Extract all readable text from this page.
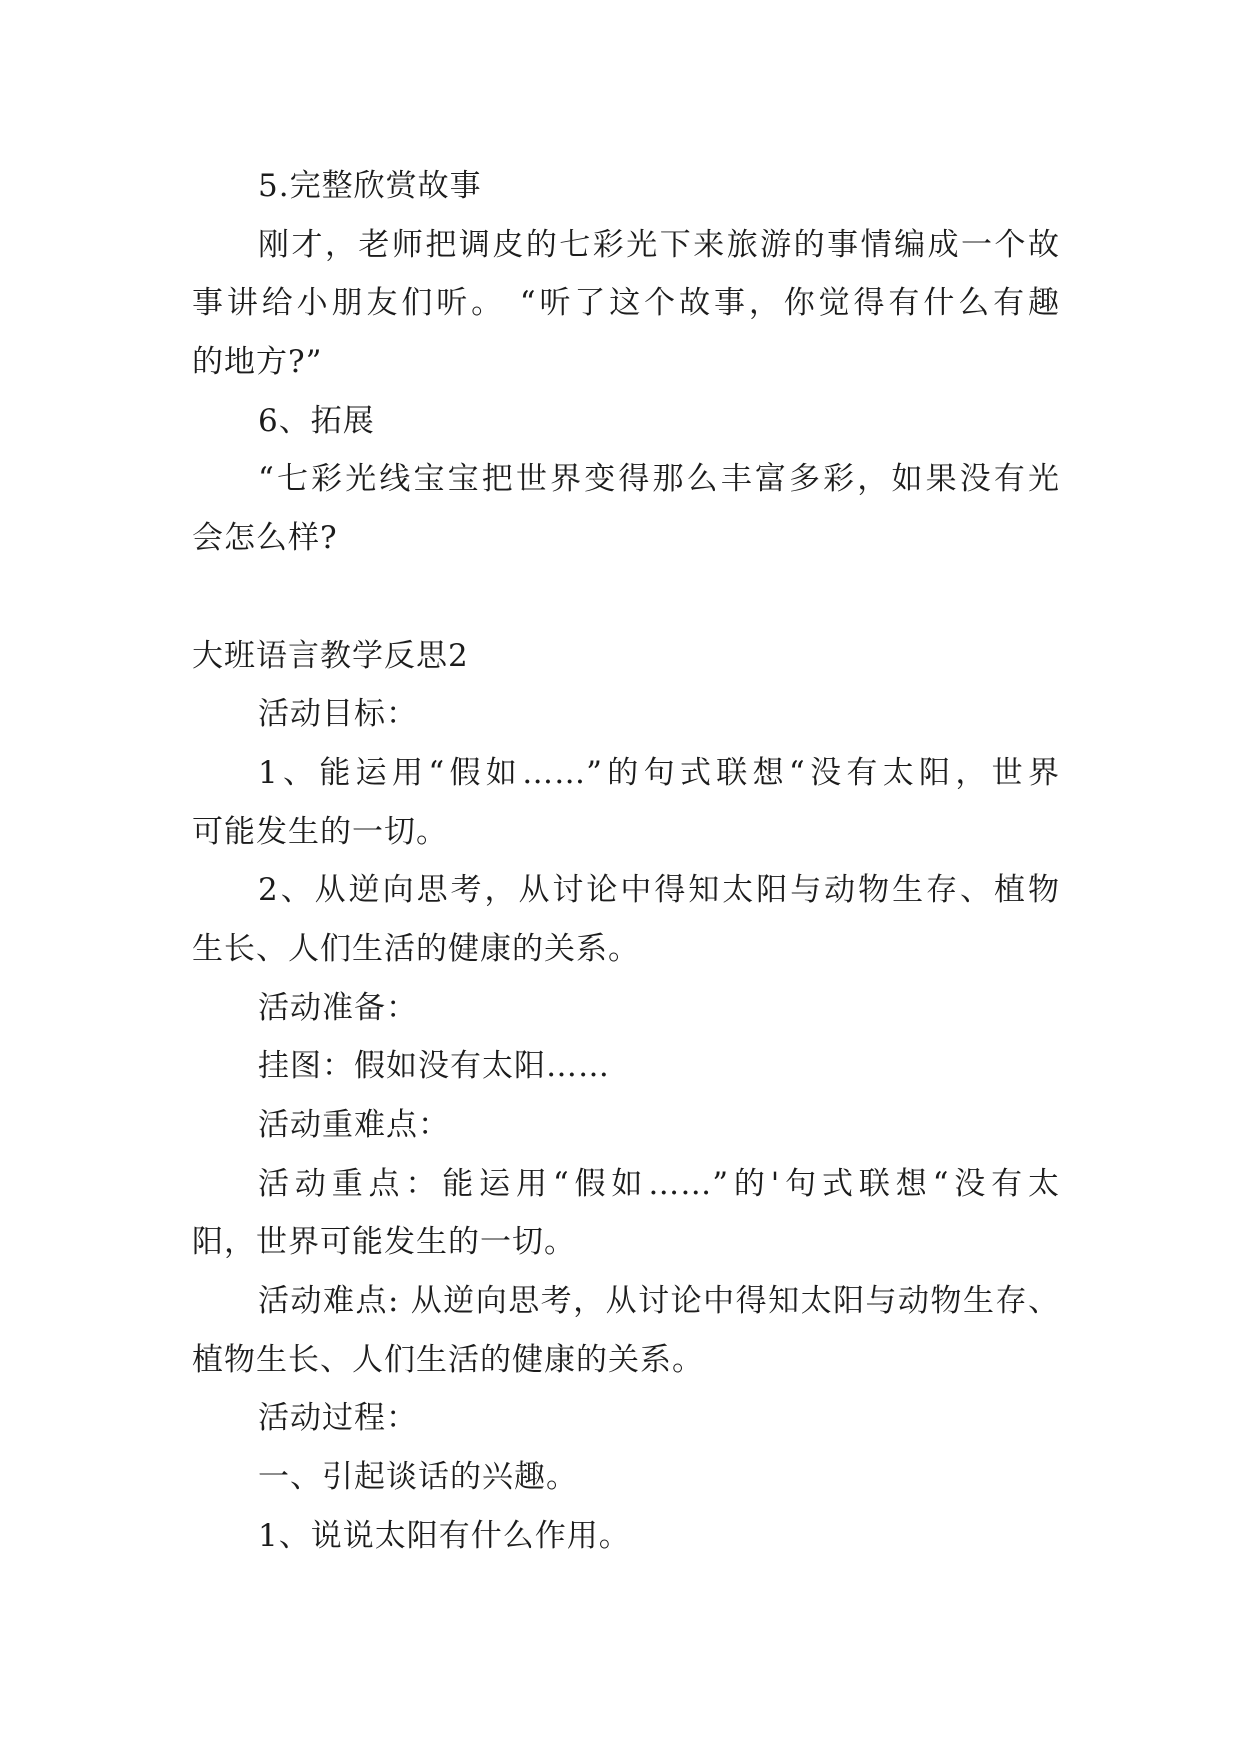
5.完整欣赏故事
刚才，老师把调皮的七彩光下来旅游的事情编成一个故
事讲给小朋友们听。 “听了这个故事，你觉得有什么有趣
的地方?”
6、拓展
“七彩光线宝宝把世界变得那么丰富多彩，如果没有光
会怎么样?
大班语言教学反思2
活动目标：
1、能运用“假如……”的句式联想“没有太阳，世界
可能发生的一切。
2、从逆向思考，从讨论中得知太阳与动物生存、植物
生长、人们生活的健康的关系。
活动准备：
挂图：假如没有太阳……
活动重难点：
活动重点：能运用“假如……”的'句式联想“没有太
阳，世界可能发生的一切。
活动难点: 从逆向思考，从讨论中得知太阳与动物生存、
植物生长、人们生活的健康的关系。
活动过程：
一、引起谈话的兴趣。
1、说说太阳有什么作用。
